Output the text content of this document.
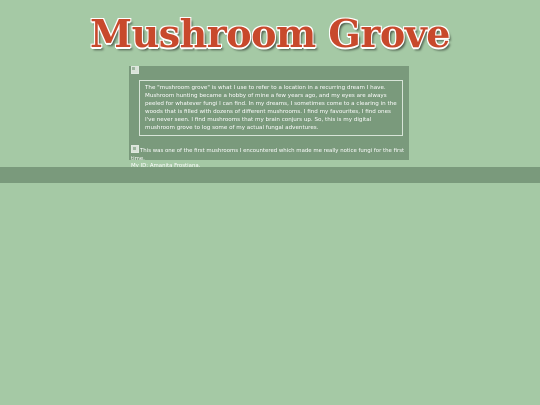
Mushroom Grove
The "mushroom grove" is what I use to refer to a location in a recurring dream I have. Mushroom hunting became a hobby of mine a few years ago, and my eyes are always peeled for whatever fungi I can find. In my dreams, I sometimes come to a clearing in the woods that is filled with dozens of different mushrooms. I find my favourites, I find ones I've never seen. I find mushrooms that my brain conjurs up. So, this is my digital mushroom grove to log some of my actual fungal adventures.
This was one of the first mushrooms I encountered which made me really notice fungi for the first time.
